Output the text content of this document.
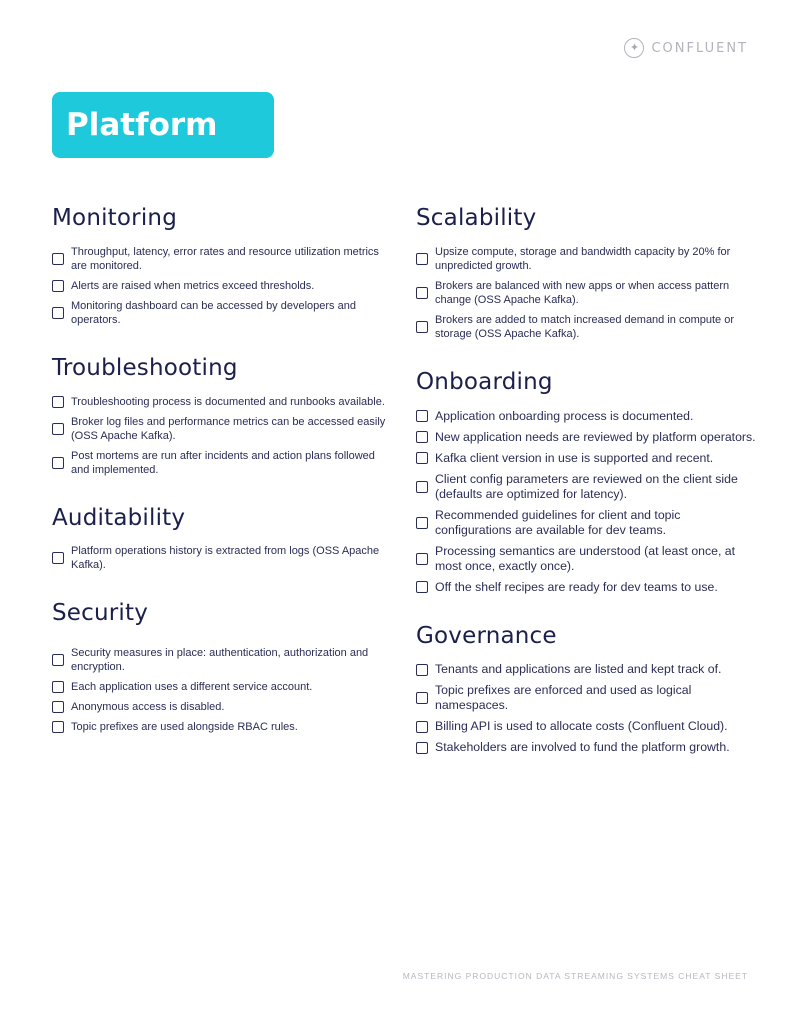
✦ CONFLUENT
Platform
Monitoring
Throughput, latency, error rates and resource utilization metrics are monitored.
Alerts are raised when metrics exceed thresholds.
Monitoring dashboard can be accessed by developers and operators.
Troubleshooting
Troubleshooting process is documented and runbooks available.
Broker log files and performance metrics can be accessed easily (OSS Apache Kafka).
Post mortems are run after incidents and action plans followed and implemented.
Auditability
Platform operations history is extracted from logs (OSS Apache Kafka).
Security
Security measures in place: authentication, authorization and encryption.
Each application uses a different service account.
Anonymous access is disabled.
Topic prefixes are used alongside RBAC rules.
Scalability
Upsize compute, storage and bandwidth capacity by 20% for unpredicted growth.
Brokers are balanced with new apps or when access pattern change (OSS Apache Kafka).
Brokers are added to match increased demand in compute or storage (OSS Apache Kafka).
Onboarding
Application onboarding process is documented.
New application needs are reviewed by platform operators.
Kafka client version in use is supported and recent.
Client config parameters are reviewed on the client side (defaults are optimized for latency).
Recommended guidelines for client and topic configurations are available for dev teams.
Processing semantics are understood (at least once, at most once, exactly once).
Off the shelf recipes are ready for dev teams to use.
Governance
Tenants and applications are listed and kept track of.
Topic prefixes are enforced and used as logical namespaces.
Billing API is used to allocate costs (Confluent Cloud).
Stakeholders are involved to fund the platform growth.
MASTERING PRODUCTION DATA STREAMING SYSTEMS CHEAT SHEET
